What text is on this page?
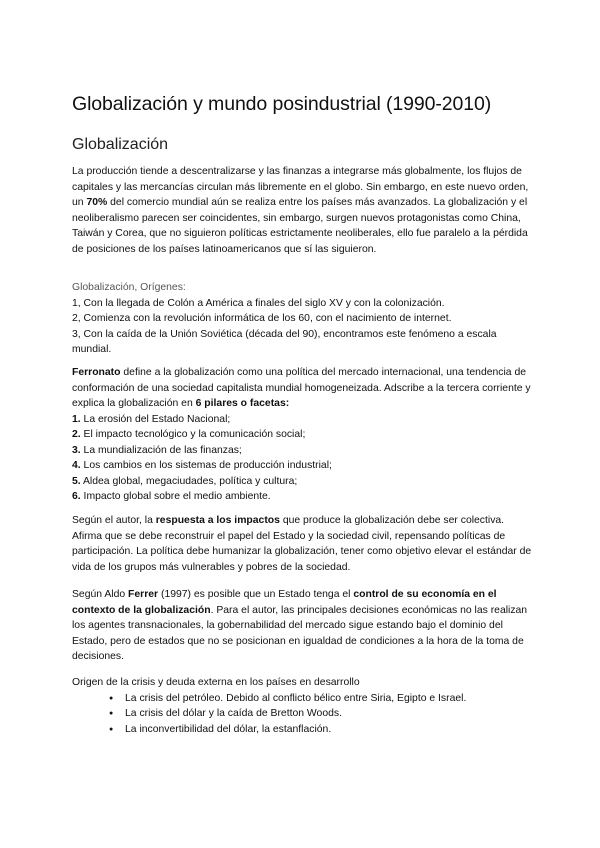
Globalización y mundo posindustrial (1990-2010)
Globalización

La producción tiende a descentralizarse y las finanzas a integrarse más globalmente, los flujos de capitales y las mercancías circulan más libremente en el globo. Sin embargo, en este nuevo orden, un 70% del comercio mundial aún se realiza entre los países más avanzados. La globalización y el neoliberalismo parecen ser coincidentes, sin embargo, surgen nuevos protagonistas como China, Taiwán y Corea, que no siguieron políticas estrictamente neoliberales, ello fue paralelo a la pérdida de posiciones de los países latinoamericanos que sí las siguieron.

Globalización, Orígenes:

1, Con la llegada de Colón a América a finales del siglo XV y con la colonización.

2, Comienza con la revolución informática de los 60, con el nacimiento de internet.

3, Con la caída de la Unión Soviética (década del 90), encontramos este fenómeno a escala mundial.

Ferronato define a la globalización como una política del mercado internacional, una tendencia de conformación de una sociedad capitalista mundial homogeneizada. Adscribe a la tercera corriente y explica la globalización en 6 pilares o facetas:

1. La erosión del Estado Nacional;

2. El impacto tecnológico y la comunicación social;

3. La mundialización de las finanzas;

4. Los cambios en los sistemas de producción industrial;

5. Aldea global, megaciudades, política y cultura;

6. Impacto global sobre el medio ambiente.

Según el autor, la respuesta a los impactos que produce la globalización debe ser colectiva. Afirma que se debe reconstruir el papel del Estado y la sociedad civil, repensando políticas de participación. La política debe humanizar la globalización, tener como objetivo elevar el estándar de vida de los grupos más vulnerables y pobres de la sociedad.

Según Aldo Ferrer (1997) es posible que un Estado tenga el control de su economía en el contexto de la globalización. Para el autor, las principales decisiones económicas no las realizan los agentes transnacionales, la gobernabilidad del mercado sigue estando bajo el dominio del Estado, pero de estados que no se posicionan en igualdad de condiciones a la hora de la toma de decisiones.

Origen de la crisis y deuda externa en los países en desarrollo

● La crisis del petróleo. Debido al conflicto bélico entre Siria, Egipto e Israel.
● La crisis del dólar y la caída de Bretton Woods.
● La inconvertibilidad del dólar, la estanflación.
